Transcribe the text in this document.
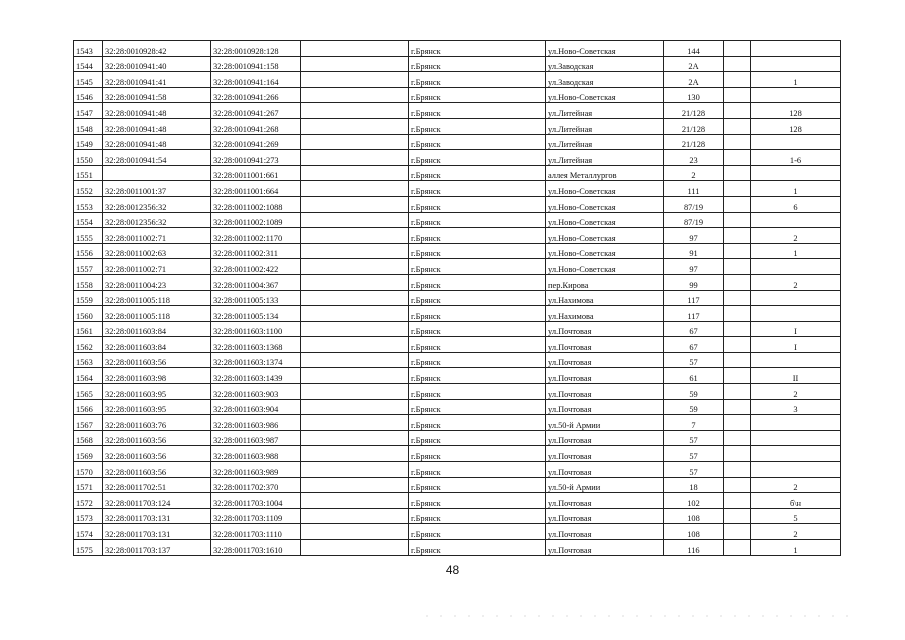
1543	32:28:0010928:42	32:28:0010928:128		г.Брянск	ул.Ново-Советская	144		
1544	32:28:0010941:40	32:28:0010941:158		г.Брянск	ул.Заводская	2А		
1545	32:28:0010941:41	32:28:0010941:164		г.Брянск	ул.Заводская	2А		1
1546	32:28:0010941:58	32:28:0010941:266		г.Брянск	ул.Ново-Советская	130		
1547	32:28:0010941:48	32:28:0010941:267		г.Брянск	ул.Литейная	21/128		128
1548	32:28:0010941:48	32:28:0010941:268		г.Брянск	ул.Литейная	21/128		128
1549	32:28:0010941:48	32:28:0010941:269		г.Брянск	ул.Литейная	21/128		
1550	32:28:0010941:54	32:28:0010941:273		г.Брянск	ул.Литейная	23		1-6
1551		32:28:0011001:661		г.Брянск	аллея Металлургов	2		
1552	32:28:0011001:37	32:28:0011001:664		г.Брянск	ул.Ново-Советская	111		1
1553	32:28:0012356:32	32:28:0011002:1088		г.Брянск	ул.Ново-Советская	87/19		6
1554	32:28:0012356:32	32:28:0011002:1089		г.Брянск	ул.Ново-Советская	87/19		
1555	32:28:0011002:71	32:28:0011002:1170		г.Брянск	ул.Ново-Советская	97		2
1556	32:28:0011002:63	32:28:0011002:311		г.Брянск	ул.Ново-Советская	91		1
1557	32:28:0011002:71	32:28:0011002:422		г.Брянск	ул.Ново-Советская	97		
1558	32:28:0011004:23	32:28:0011004:367		г.Брянск	пер.Кирова	99		2
1559	32:28:0011005:118	32:28:0011005:133		г.Брянск	ул.Нахимова	117		
1560	32:28:0011005:118	32:28:0011005:134		г.Брянск	ул.Нахимова	117		
1561	32:28:0011603:84	32:28:0011603:1100		г.Брянск	ул.Почтовая	67		I
1562	32:28:0011603:84	32:28:0011603:1368		г.Брянск	ул.Почтовая	67		I
1563	32:28:0011603:56	32:28:0011603:1374		г.Брянск	ул.Почтовая	57		
1564	32:28:0011603:98	32:28:0011603:1439		г.Брянск	ул.Почтовая	61		II
1565	32:28:0011603:95	32:28:0011603:903		г.Брянск	ул.Почтовая	59		2
1566	32:28:0011603:95	32:28:0011603:904		г.Брянск	ул.Почтовая	59		3
1567	32:28:0011603:76	32:28:0011603:986		г.Брянск	ул.50-й Армии	7		
1568	32:28:0011603:56	32:28:0011603:987		г.Брянск	ул.Почтовая	57		
1569	32:28:0011603:56	32:28:0011603:988		г.Брянск	ул.Почтовая	57		
1570	32:28:0011603:56	32:28:0011603:989		г.Брянск	ул.Почтовая	57		
1571	32:28:0011702:51	32:28:0011702:370		г.Брянск	ул.50-й Армии	18		2
1572	32:28:0011703:124	32:28:0011703:1004		г.Брянск	ул.Почтовая	102		б\н
1573	32:28:0011703:131	32:28:0011703:1109		г.Брянск	ул.Почтовая	108		5
1574	32:28:0011703:131	32:28:0011703:1110		г.Брянск	ул.Почтовая	108		2
1575	32:28:0011703:137	32:28:0011703:1610		г.Брянск	ул.Почтовая	116		1
48
